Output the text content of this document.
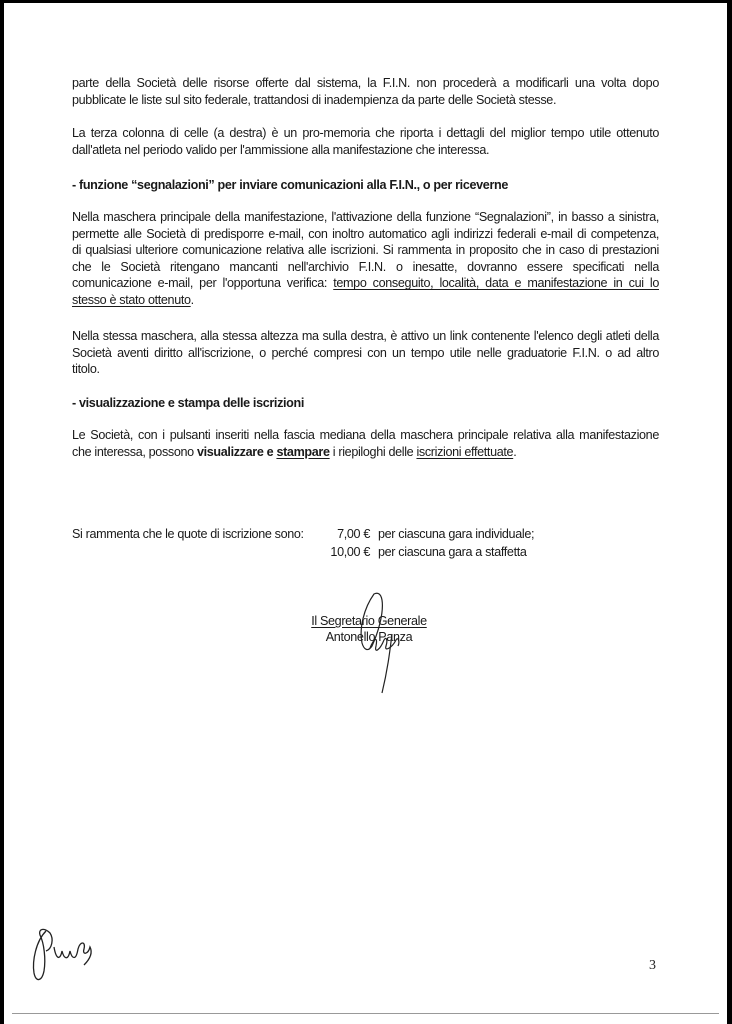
parte della Società delle risorse offerte dal sistema, la F.I.N. non procederà a modificarli una volta dopo
pubblicate le liste sul sito federale, trattandosi di inadempienza da parte delle Società stesse.
La terza colonna di celle (a destra) è un pro-memoria che riporta i dettagli del miglior tempo utile ottenuto
dall'atleta nel periodo valido per l'ammissione alla manifestazione che interessa.
- funzione “segnalazioni” per inviare comunicazioni alla F.I.N., o per riceverne
Nella maschera principale della manifestazione, l'attivazione della funzione “Segnalazioni”, in basso a sinistra,
permette alle Società di predisporre e-mail, con inoltro automatico agli indirizzi federali e-mail di competenza,
di qualsiasi ulteriore comunicazione relativa alle iscrizioni. Si rammenta in proposito che in caso di prestazioni
che le Società ritengano mancanti nell'archivio F.I.N. o inesatte, dovranno essere specificati nella
comunicazione e-mail, per l'opportuna verifica: tempo conseguito, località, data e manifestazione in cui lo
stesso è stato ottenuto.
Nella stessa maschera, alla stessa altezza ma sulla destra, è attivo un link contenente l'elenco degli atleti della
Società aventi diritto all'iscrizione, o perché compresi con un tempo utile nelle graduatorie F.I.N. o ad altro
titolo.
- visualizzazione e stampa delle iscrizioni
Le Società, con i pulsanti inseriti nella fascia mediana della maschera principale relativa alla manifestazione
che interessa, possono visualizzare e stampare i riepiloghi delle iscrizioni effettuate.
Si rammenta che le quote di iscrizione sono:	7,00 € per ciascuna gara individuale;
10,00 € per ciascuna gara a staffetta
Il Segretario Generale
Antonello Panza
3
